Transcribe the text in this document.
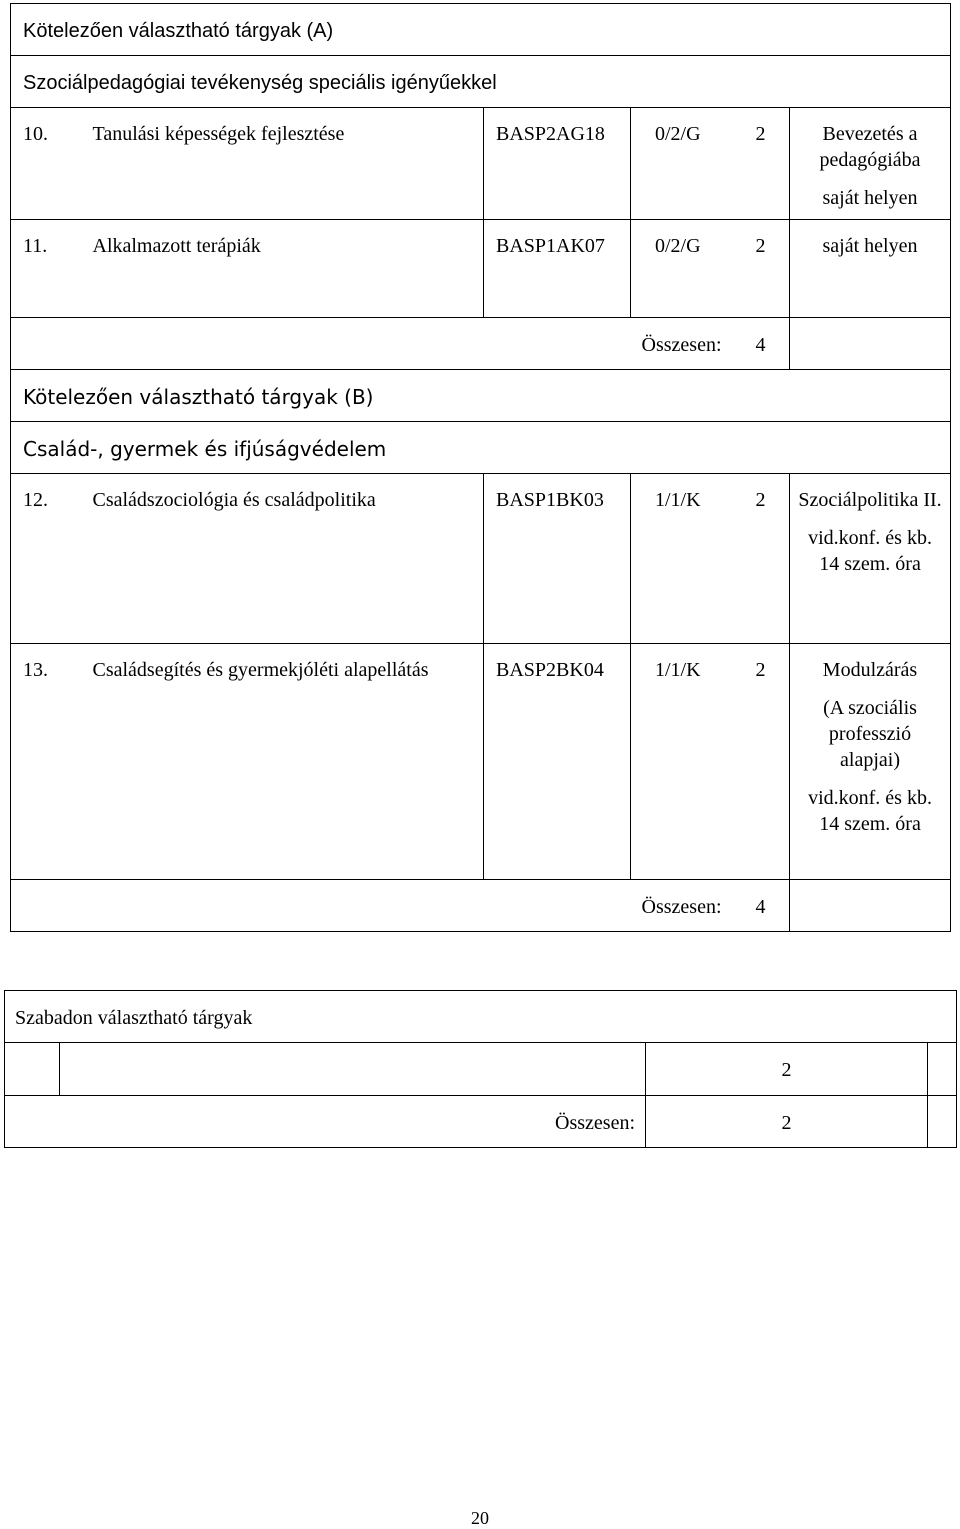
Kötelezően választható tárgyak (A)					
Szociálpedagógiai tevékenység speciális igényűekkel					
10.	Tanulási képességek fejlesztése	BASP2AG18	0/2/G	2	Bevezetés a pedagógiába

saját helyen

11.	Alkalmazott terápiák	BASP1AK07	0/2/G	2	saját helyen

Összesen:				4	
Kötelezően választható tárgyak (B)					
Család-, gyermek és ifjúságvédelem					
12.	Családszociológia és családpolitika	BASP1BK03	1/1/K	2	Szociálpolitika II.

vid.konf. és kb. 14 szem. óra

13.	Családsegítés és gyermekjóléti alapellátás	BASP2BK04	1/1/K	2	Modulzárás

(A szociális professzió alapjai)

vid.konf. és kb. 14 szem. óra

Összesen:				4	
Szabadon választható tárgyak			
		2	
Összesen:		2	
20
